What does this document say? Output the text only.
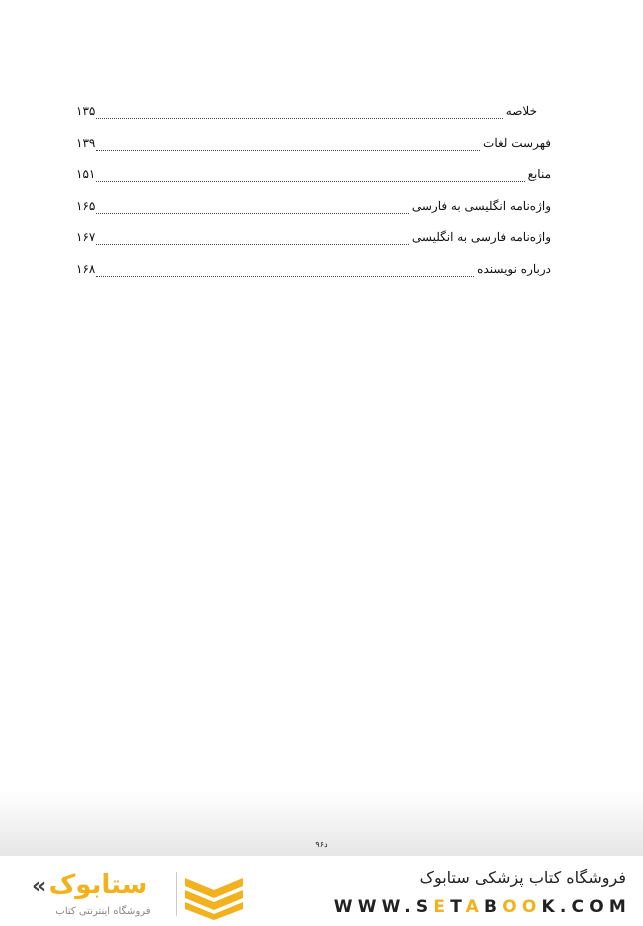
خلاصه
۱۳۵
فهرست لغات
۱۳۹
منابع
۱۵۱
واژه‌نامه انگلیسی به فارسی
۱۶۵
واژه‌نامه فارسی به انگلیسی
۱۶۷
درباره نویسنده
۱۶۸
د۹۶
فروشگاه کتاب پزشکی ستابوک
WWW.SETABOOK.COM
« ستابوک
فروشگاه اینترنتی کتاب
